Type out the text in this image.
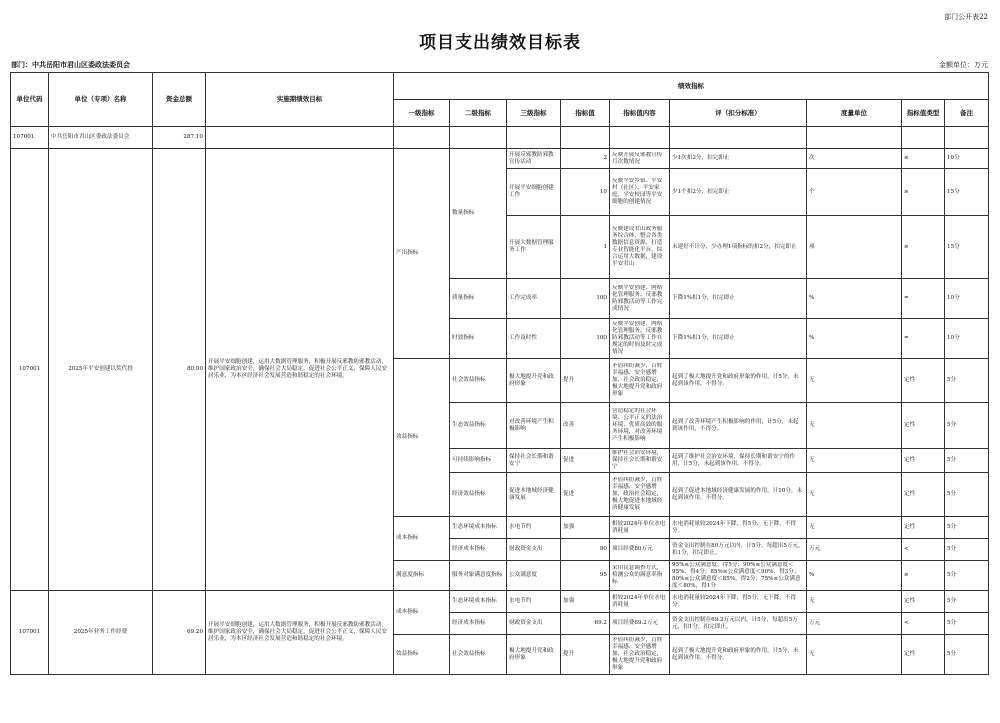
部门公开表22
项目支出绩效目标表
部门：中共岳阳市君山区委政法委员会	金额单位：万元
单位代码	单位（专项）名称	资金总额	实施期绩效目标	绩效指标								
				一级指标	二级指标	三级指标	指标值	指标值内容	评（扣分标准）	度量单位	指标值类型	备注
107001	中共岳阳市君山区委政法委员会	287.10										
107001	2025年平安创建以奖代投	80.00	开展平安细胞创建，运用大数据管理服务，积极开展反邪教防邪教活动，维护国家政治安全，确保社会大局稳定，促进社会公平正义，保障人民安居乐业，为本区经济社会发展营造和谐稳定的社会环境。	产出指标	数量指标	开展反邪教防邪教宣传活动	2	反映开展反邪教宣传月次数情况	少1次扣2分，扣完即止	次	≥	10分
						开展平安细胞创建工作	10	反映平安乡镇、平安村（社区）、平安家庭、平安校园等平安细胞的创建情况	少1个扣2分，扣完即止	个	≥	15分
						开展大数据管理服务工作	1	反映建设君山政务服务综合体，整合各类数据信息资源，打造专业智能化平台，综合运用大数据，建设平安君山	未建好不计分，少办理1项指标的扣2分，扣完即止	项	≥	15分
					质量指标	工作完成率	100	反映平安创建、网格化管理服务、反邪教防邪教活动等工作完成情况	下降1%扣1分，扣完即止	%	=	10分
					时效指标	工作及时性	100	反映平安创建、网格化管理服务、反邪教防邪教活动等工作在规定的时间及时完成情况	下降1%扣1分，扣完即止	%	=	10分
				效益指标	社会效益指标	极大地提升党和政府形象	提升	矛盾纠纷减少，百姓幸福感、安全感增加，社会政治稳定，极大地提升党和政府形象	起到了极大地提升党和政府形象的作用，计5分，未起到该作用，不得分。	无	定性	5分
					生态效益指标	对改善环境产生积极影响	改善	营造稳定的社会环境、公平正义的法治环境、优质高效的服务环境，对改善环境产生积极影响	起到了改善环境产生积极影响的作用，计5分，未起到该作用，不得分。	无	定性	5分
					可持续影响指标	保持社会长期和谐安宁	促进	维护社会治安环境，保持社会长期和谐安宁	起到了维护社会治安环境，保持长期和谐安宁的作用，计5分，未起到该作用，不得分。	无	定性	5分
					经济效益指标	促进本地域经济健康发展	促进	矛盾纠纷减少，百姓幸福感、安全感增加，政治社会稳定，极大地促进本地域经济健康发展	起到了促进本地域经济健康发展的作用，计10分，未起到该作用，不得分。	无	定性	5分
				成本指标	生态环境成本指标	水电节约	加强	相较2024年单位水电消耗量	水电消耗量较2024年下降，得5分，无下降，不得分。	无	定性	5分
					经济成本指标	财政资金支出	80	项目经费80万元	资金支出控制在80万元以内，计5分，每超出5万元，扣1分，扣完即止。	万元	<	5分
				满意度指标	服务对象满意度指标	公众满意度	95	采用民意调查方式，检测公众的满意率指标	95%≤公众满意度，得5分；90%≤公众满意度＜95%，得4分；85%≤公众满意度＜90%，得3分；80%≤公众满意度＜85%，得2分；75%≤公众满意度＜80%，得1分	%	≥	5分
107001	2025年业务工作经费	69.20	开展平安细胞创建，运用大数据管理服务，积极开展反邪教防邪教活动，维护国家政治安全，确保社会大局稳定，促进社会公平正义，保障人民安居乐业，为本区经济社会发展营造和谐稳定的社会环境。	成本指标	生态环境成本指标	水电节约	加强	相较2024年单位水电消耗量	水电消耗量较2024年下降，得5分，无下降，不得分。	无	定性	5分
					经济成本指标	财政资金支出	69.2	项目经费69.2万元	资金支出控制在69.2万元以内，计5分，每超出5万元，扣1分，扣完即止。	万元	<	5分
				效益指标	社会效益指标	极大地提升党和政府形象	提升	矛盾纠纷减少，百姓幸福感、安全感增加，社会政治稳定，极大地提升党和政府形象	起到了极大地提升党和政府形象的作用，计5分，未起到该作用，不得分。	无	定性	5分
